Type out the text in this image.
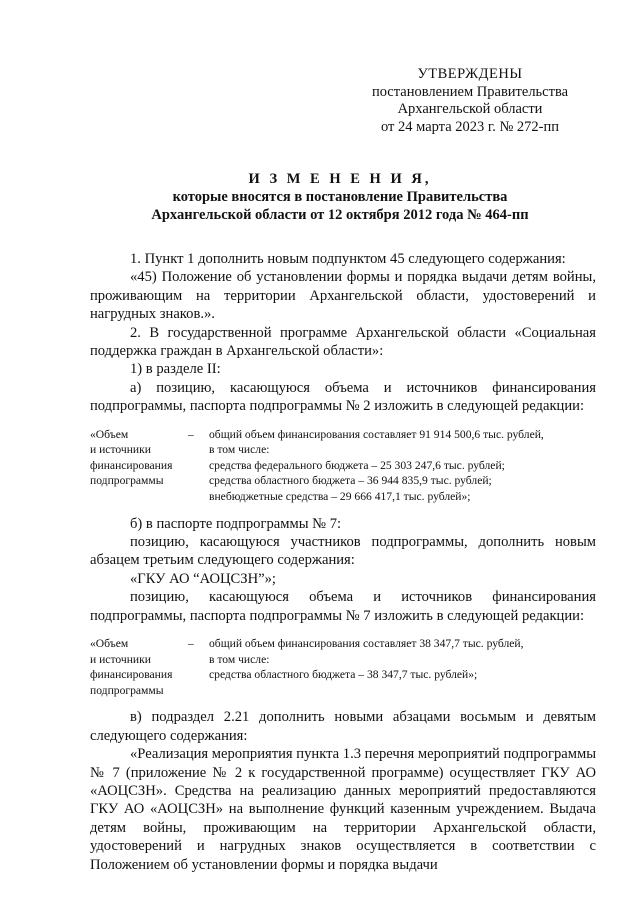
УТВЕРЖДЕНЫ
постановлением Правительства
Архангельской области
от 24 марта 2023 г. № 272-пп
И З М Е Н Е Н И Я,
которые вносятся в постановление Правительства
Архангельской области от 12 октября 2012 года № 464-пп

1. Пункт 1 дополнить новым подпунктом 45 следующего содержания:

«45) Положение об установлении формы и порядка выдачи детям войны, проживающим на территории Архангельской области, удостоверений и нагрудных знаков.».

2. В государственной программе Архангельской области «Социальная поддержка граждан в Архангельской области»:

1) в разделе II:

а) позицию, касающуюся объема и источников финансирования подпрограммы, паспорта подпрограммы № 2 изложить в следующей редакции:

«Объем
и источники
финансирования
подпрограммы
–	общий объем финансирования составляет 91 914 500,6 тыс. рублей,
в том числе:
средства федерального бюджета – 25 303 247,6 тыс. рублей;
средства областного бюджета – 36 944 835,9 тыс. рублей;
внебюджетные средства – 29 666 417,1 тыс. рублей»;

б) в паспорте подпрограммы № 7:

позицию, касающуюся участников подпрограммы, дополнить новым абзацем третьим следующего содержания:

«ГКУ АО “АОЦСЗН”»;

позицию, касающуюся объема и источников финансирования подпрограммы, паспорта подпрограммы № 7 изложить в следующей редакции:

«Объем
и источники
финансирования
подпрограммы
–	общий объем финансирования составляет 38 347,7 тыс. рублей,
в том числе:
средства областного бюджета – 38 347,7 тыс. рублей»;

в) подраздел 2.21 дополнить новыми абзацами восьмым и девятым следующего содержания:

«Реализация мероприятия пункта 1.3 перечня мероприятий подпрограммы № 7 (приложение № 2 к государственной программе) осуществляет ГКУ АО «АОЦСЗН». Средства на реализацию данных мероприятий предоставляются ГКУ АО «АОЦСЗН» на выполнение функций казенным учреждением. Выдача детям войны, проживающим на территории Архангельской области, удостоверений и нагрудных знаков осуществляется в соответствии с Положением об установлении формы и порядка выдачи
